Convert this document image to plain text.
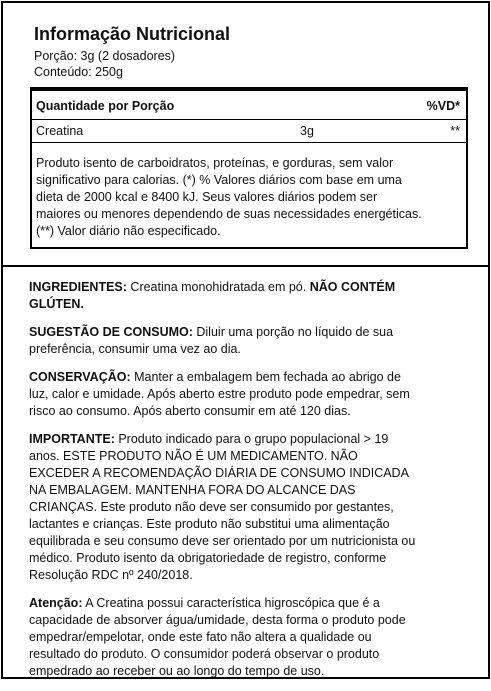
Informação Nutricional
Porção: 3g (2 dosadores)
Conteúdo: 250g
Quantidade por Porção	%VD*
Creatina	3g	**

Produto isento de carboidratos, proteínas, e gorduras, sem valor

significativo para calorias. (*) % Valores diários com base em uma

dieta de 2000 kcal e 8400 kJ. Seus valores diários podem ser

maiores ou menores dependendo de suas necessidades energéticas.

(**) Valor diário não especificado.

INGREDIENTES: Creatina monohidratada em pó. NÃO CONTÉM
GLÚTEN.
SUGESTÃO DE CONSUMO: Diluir uma porção no líquido de sua
preferência, consumir uma vez ao dia.
CONSERVAÇÃO: Manter a embalagem bem fechada ao abrigo de
luz, calor e umidade. Após aberto estre produto pode empedrar, sem
risco ao consumo. Após aberto consumir em até 120 dias.
IMPORTANTE: Produto indicado para o grupo populacional > 19
anos. ESTE PRODUTO NÃO É UM MEDICAMENTO. NÃO
EXCEDER A RECOMENDAÇÃO DIÁRIA DE CONSUMO INDICADA
NA EMBALAGEM. MANTENHA FORA DO ALCANCE DAS
CRIANÇAS. Este produto não deve ser consumido por gestantes,
lactantes e crianças. Este produto não substitui uma alimentação
equilibrada e seu consumo deve ser orientado por um nutricionista ou
médico. Produto isento da obrigatoriedade de registro, conforme
Resolução RDC nº 240/2018.
Atenção: A Creatina possui característica higroscópica que é a
capacidade de absorver água/umidade, desta forma o produto pode
empedrar/empelotar, onde este fato não altera a qualidade ou
resultado do produto. O consumidor poderá observar o produto
empedrado ao receber ou ao longo do tempo de uso.
